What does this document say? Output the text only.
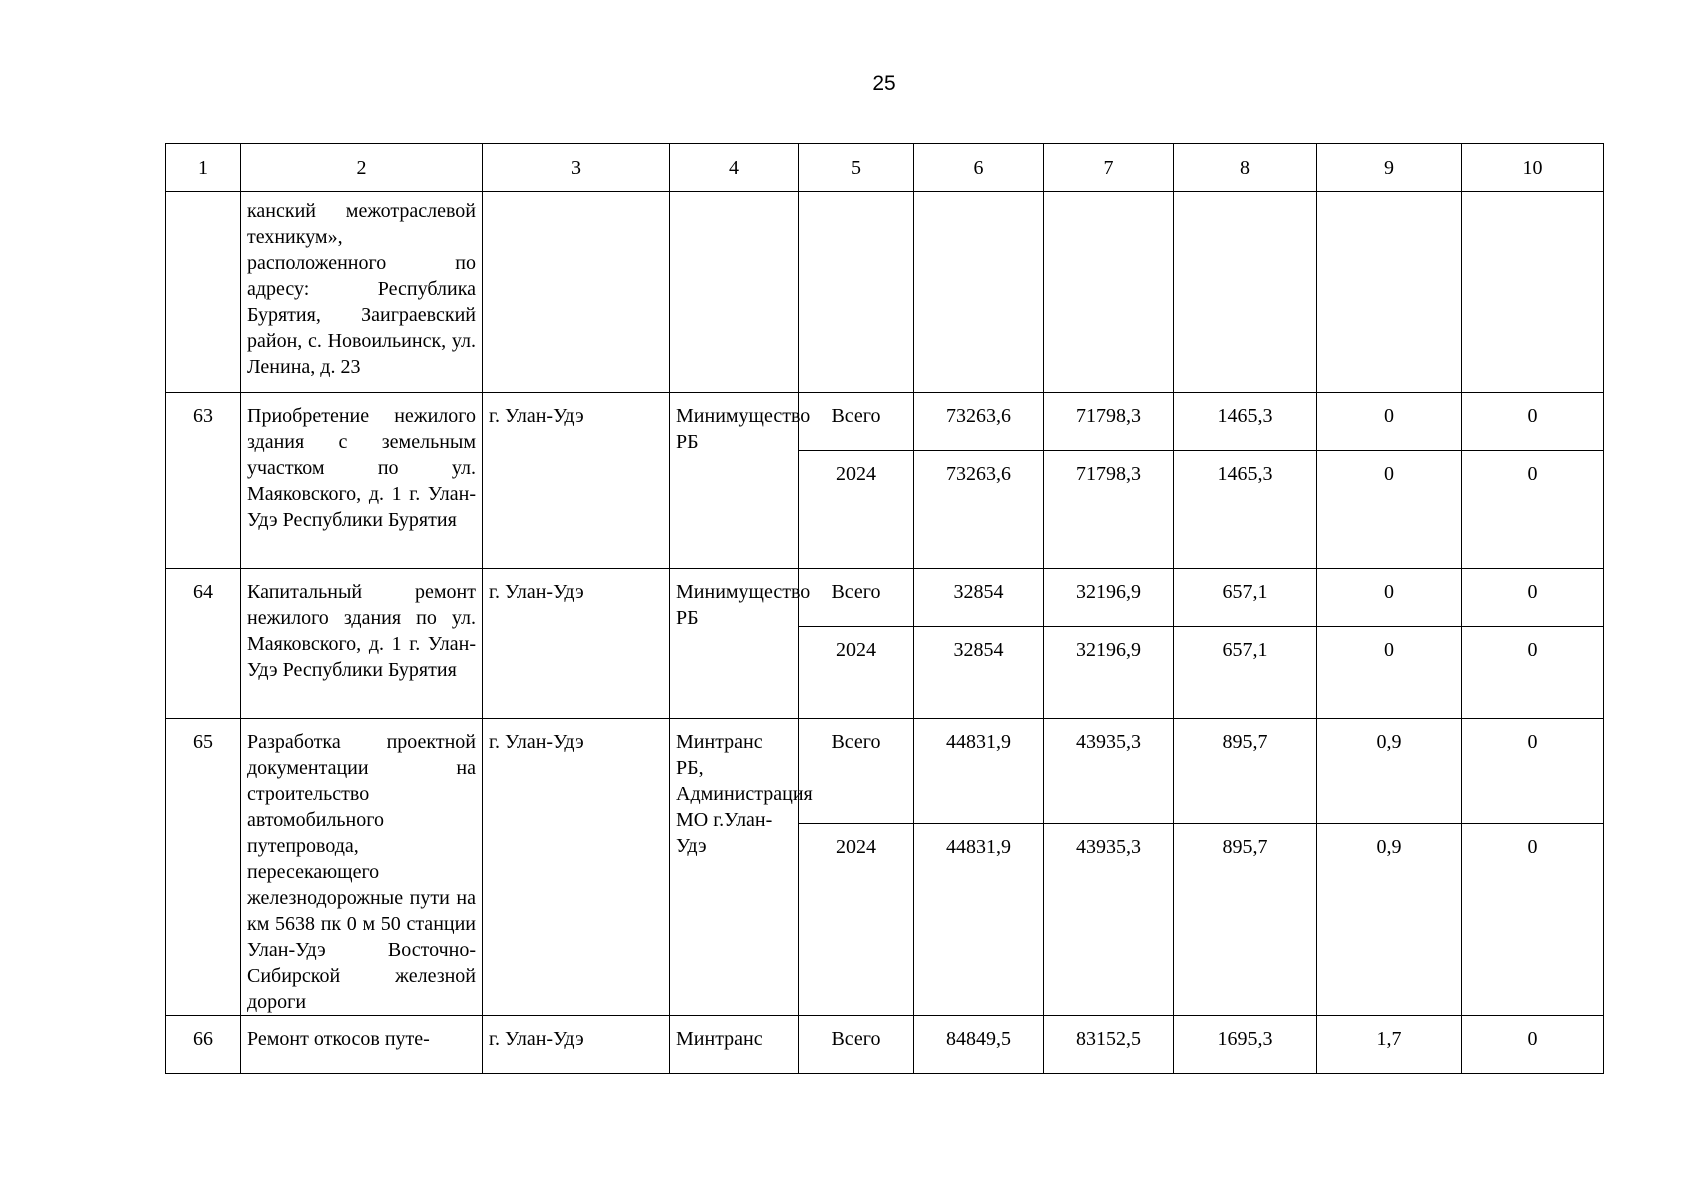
25
1	2	3	4	5	6	7	8	9	10
	канский межотраслевой техникум», расположенного по адресу: Республика Бурятия, Заиграевский район, с. Новоильинск, ул. Ленина, д. 23								
63	Приобретение нежилого здания с земельным участком по ул. Маяковского, д. 1 г. Улан-Удэ Республики Бурятия	г. Улан-Удэ	Минимущество РБ	Всего	73263,6	71798,3	1465,3	0	0
				2024	73263,6	71798,3	1465,3	0	0
64	Капитальный ремонт нежилого здания по ул. Маяковского, д. 1 г. Улан-Удэ Республики Бурятия	г. Улан-Удэ	Минимущество РБ	Всего	32854	32196,9	657,1	0	0
				2024	32854	32196,9	657,1	0	0
65	Разработка проектной документации на строительство автомобильного путепровода, пересекающего железнодорожные пути на км 5638 пк 0 м 50 станции Улан-Удэ Восточно-Сибирской железной дороги	г. Улан-Удэ	Минтранс РБ, Администрация МО г.Улан-Удэ	Всего	44831,9	43935,3	895,7	0,9	0
				2024	44831,9	43935,3	895,7	0,9	0
66	Ремонт откосов путе-	г. Улан-Удэ	Минтранс	Всего	84849,5	83152,5	1695,3	1,7	0
